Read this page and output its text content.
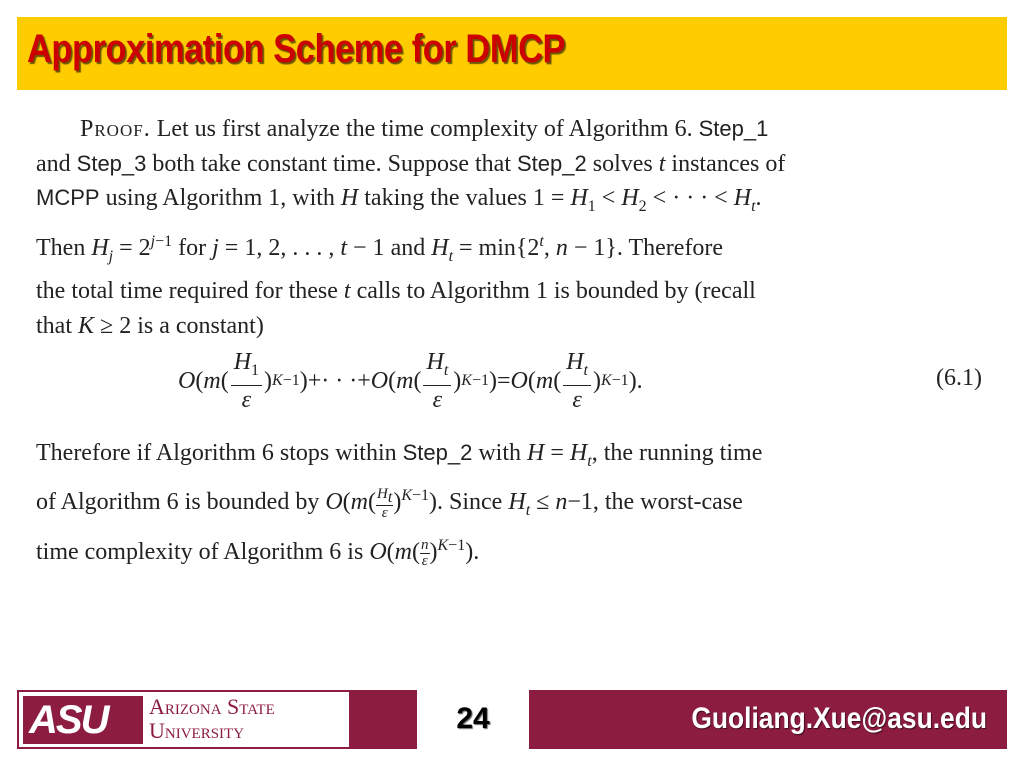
Approximation Scheme for DMCP
Proof. Let us first analyze the time complexity of Algorithm 6. Step_1
and Step_3 both take constant time. Suppose that Step_2 solves t instances of
MCPP using Algorithm 1, with H taking the values $1 = H_1 < H_2$ < · · · < $H_t$.
Then $H_j = 2^{j-1}$ for j = 1, 2, . . . , t − 1 and $H_t = \min\{2^t$, n − 1}. Therefore
the total time required for these t calls to Algorithm 1 is bounded by (recall
that K ≥ 2 is a constant)
O ( m ( $\frac{H_1}{\varepsilon}$ ) K−1 )+· · ·+ O ( m ( $\frac{H_t}{\varepsilon}$ ) K−1 )= O ( m ( $\frac{H_t}{\varepsilon}$ ) K−1 ).	(6.1)
Therefore if Algorithm 6 stops within Step_2 with $H = H_t$, the running time
of Algorithm 6 is bounded by $O(m( \frac{H_t}{\varepsilon} )^{K-1})$. Since $H_t \le n-1$, the worst-case
time complexity of Algorithm 6 is $O(m( \frac{n}{\varepsilon} )^{K-1})$.
ASU Arizona State
University	24	Guoliang.Xue@asu.edu
